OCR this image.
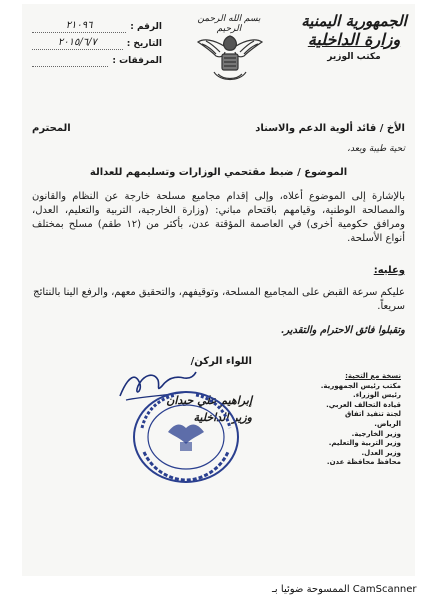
الجمهورية اليمنية
وزارة الداخلية
مكتب الوزير
بسم الله الرحمن الرحيم
الرقم :
٢١٠٩٦
التاريخ :
٢٠١٥/٦/٧
المرفقات :
الأخ / قائد ألوية الدعم والاسناد
المحترم
تحية طيبة وبعد،
الموضوع / ضبط مقتحمي الوزارات وتسليمهم للعدالة
بالإشارة إلى الموضوع أعلاه، وإلى إقدام مجاميع مسلحة خارجة عن النظام والقانون والمصالحة الوطنية، وقيامهم باقتحام مباني: (وزارة الخارجية، التربية والتعليم، العدل، ومرافق حكومية أخرى) في العاصمة المؤقتة عدن، بأكثر من (١٢ طقم) مسلح بمختلف أنواع الأسلحة.
وعليه:
عليكم سرعة القبض على المجاميع المسلحة، وتوقيفهم، والتحقيق معهم، والرفع الينا بالنتائج سريعاً.
وتقبلوا فائق الاحترام والتقدير.
اللواء الركن/
إبراهيم علي حيدان
وزير الداخلية
نسخة مع التحية:
مكتب رئيس الجمهورية.
رئيس الوزراء.
قيادة التحالف العربي.
لجنة تنفيذ اتفاق الرياض.
وزير الخارجية.
وزير التربية والتعليم.
وزير العدل.
محافظ محافظة عدن.
الممسوحة ضوئيا بـ CamScanner
